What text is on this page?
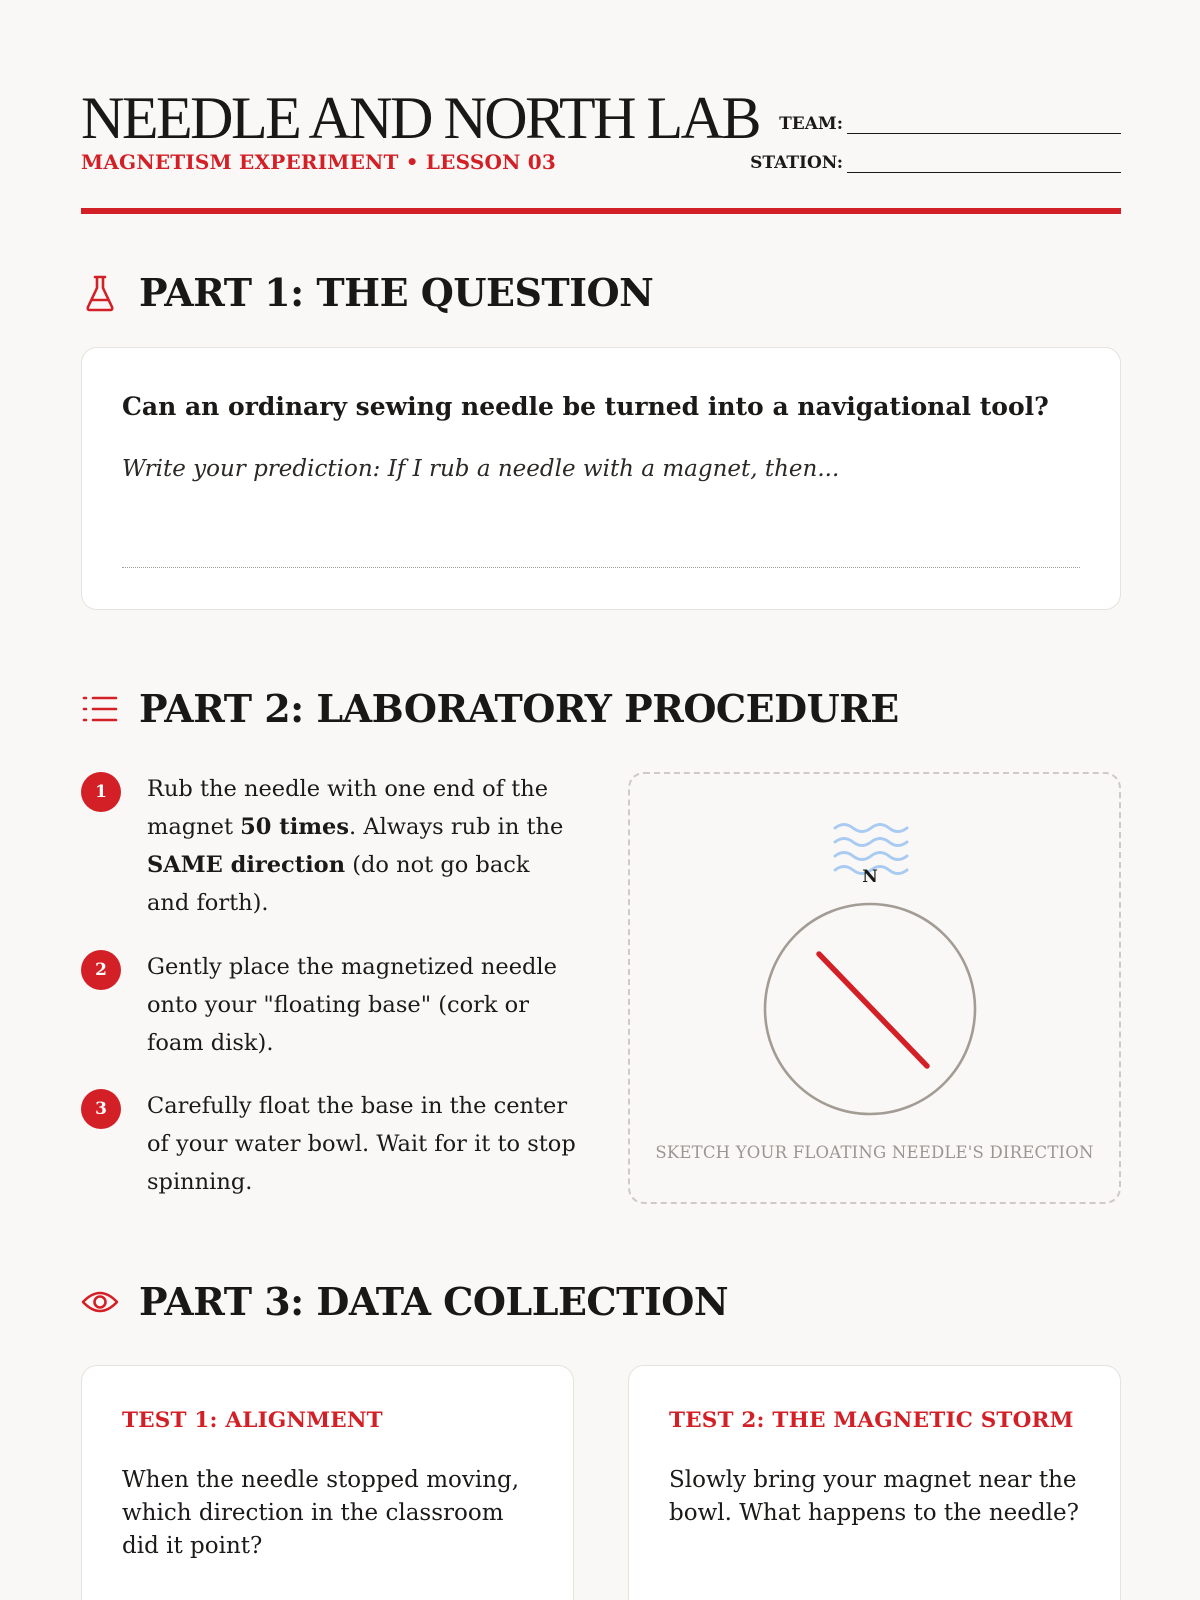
NEEDLE AND NORTH LAB
MAGNETISM EXPERIMENT • LESSON 03
TEAM:
STATION:
PART 1: THE QUESTION
Can an ordinary sewing needle be turned into a navigational tool?
Write your prediction: If I rub a needle with a magnet, then...
PART 2: LABORATORY PROCEDURE
1	Rub the needle with one end of the magnet 50 times. Always rub in the SAME direction (do not go back and forth).
2	Gently place the magnetized needle onto your "floating base" (cork or foam disk).
3	Carefully float the base in the center of your water bowl. Wait for it to stop spinning.
N
SKETCH YOUR FLOATING NEEDLE'S DIRECTION
PART 3: DATA COLLECTION
TEST 1: ALIGNMENT
When the needle stopped moving, which direction in the classroom did it point?
TEST 2: THE MAGNETIC STORM
Slowly bring your magnet near the bowl. What happens to the needle?
